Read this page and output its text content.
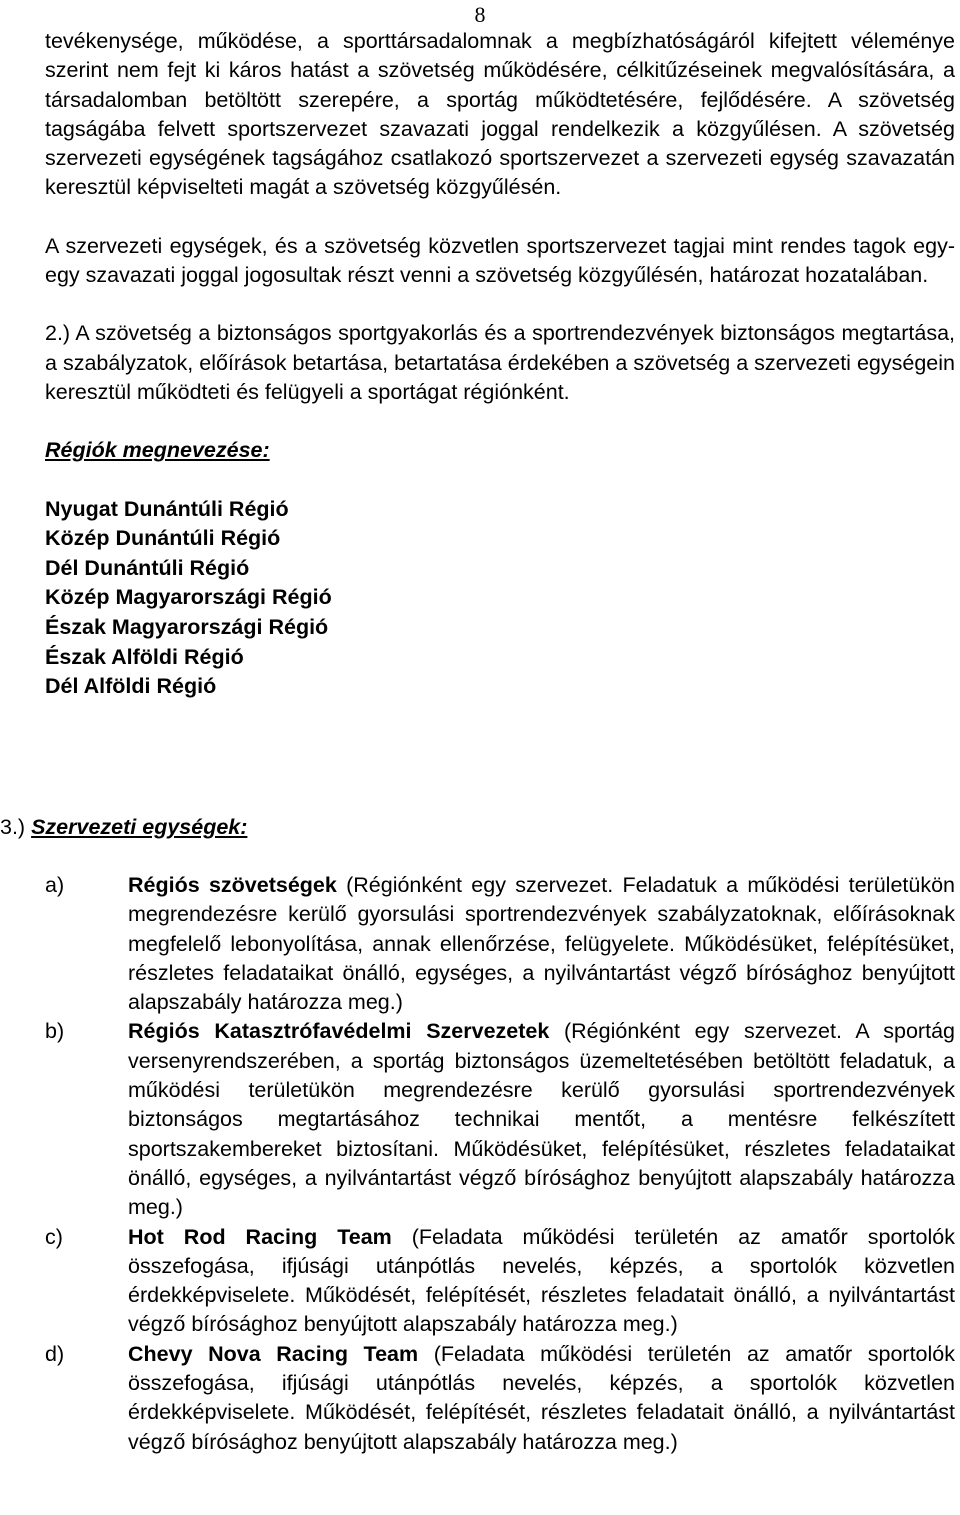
8

tevékenysége, működése, a sporttársadalomnak a megbízhatóságáról kifejtett véleménye szerint nem fejt ki káros hatást a szövetség működésére, célkitűzéseinek megvalósítására, a társadalomban betöltött szerepére, a sportág működtetésére, fejlődésére. A szövetség tagságába felvett sportszervezet szavazati joggal rendelkezik a közgyűlésen. A szövetség szervezeti egységének tagságához csatlakozó sportszervezet a szervezeti egység szavazatán keresztül képviselteti magát a szövetség közgyűlésén.

A szervezeti egységek, és a szövetség közvetlen sportszervezet tagjai mint rendes tagok egy-egy szavazati joggal jogosultak részt venni a szövetség közgyűlésén, határozat hozatalában.

2.) A szövetség a biztonságos sportgyakorlás és a sportrendezvények biztonságos megtartása, a szabályzatok, előírások betartása, betartatása érdekében a szövetség a szervezeti egységein keresztül működteti és felügyeli a sportágat régiónként.

Régiók megnevezése:

Nyugat Dunántúli Régió
Közép Dunántúli Régió
Dél Dunántúli Régió
Közép Magyarországi Régió
Észak Magyarországi Régió
Észak Alföldi Régió
Dél Alföldi Régió
3.) Szervezeti egységek:
a)	Régiós szövetségek (Régiónként egy szervezet. Feladatuk a működési területükön megrendezésre kerülő gyorsulási sportrendezvények szabályzatoknak, előírásoknak megfelelő lebonyolítása, annak ellenőrzése, felügyelete. Működésüket, felépítésüket, részletes feladataikat önálló, egységes, a nyilvántartást végző bírósághoz benyújtott alapszabály határozza meg.)
b)	Régiós Katasztrófavédelmi Szervezetek (Régiónként egy szervezet. A sportág versenyrendszerében, a sportág biztonságos üzemeltetésében betöltött feladatuk, a működési területükön megrendezésre kerülő gyorsulási sportrendezvények biztonságos megtartásához technikai mentőt, a mentésre felkészített sportszakembereket biztosítani. Működésüket, felépítésüket, részletes feladataikat önálló, egységes, a nyilvántartást végző bírósághoz benyújtott alapszabály határozza meg.)
c)	Hot Rod Racing Team (Feladata működési területén az amatőr sportolók összefogása, ifjúsági utánpótlás nevelés, képzés, a sportolók közvetlen érdekképviselete. Működését, felépítését, részletes feladatait önálló, a nyilvántartást végző bírósághoz benyújtott alapszabály határozza meg.)
d)	Chevy Nova Racing Team (Feladata működési területén az amatőr sportolók összefogása, ifjúsági utánpótlás nevelés, képzés, a sportolók közvetlen érdekképviselete. Működését, felépítését, részletes feladatait önálló, a nyilvántartást végző bírósághoz benyújtott alapszabály határozza meg.)
